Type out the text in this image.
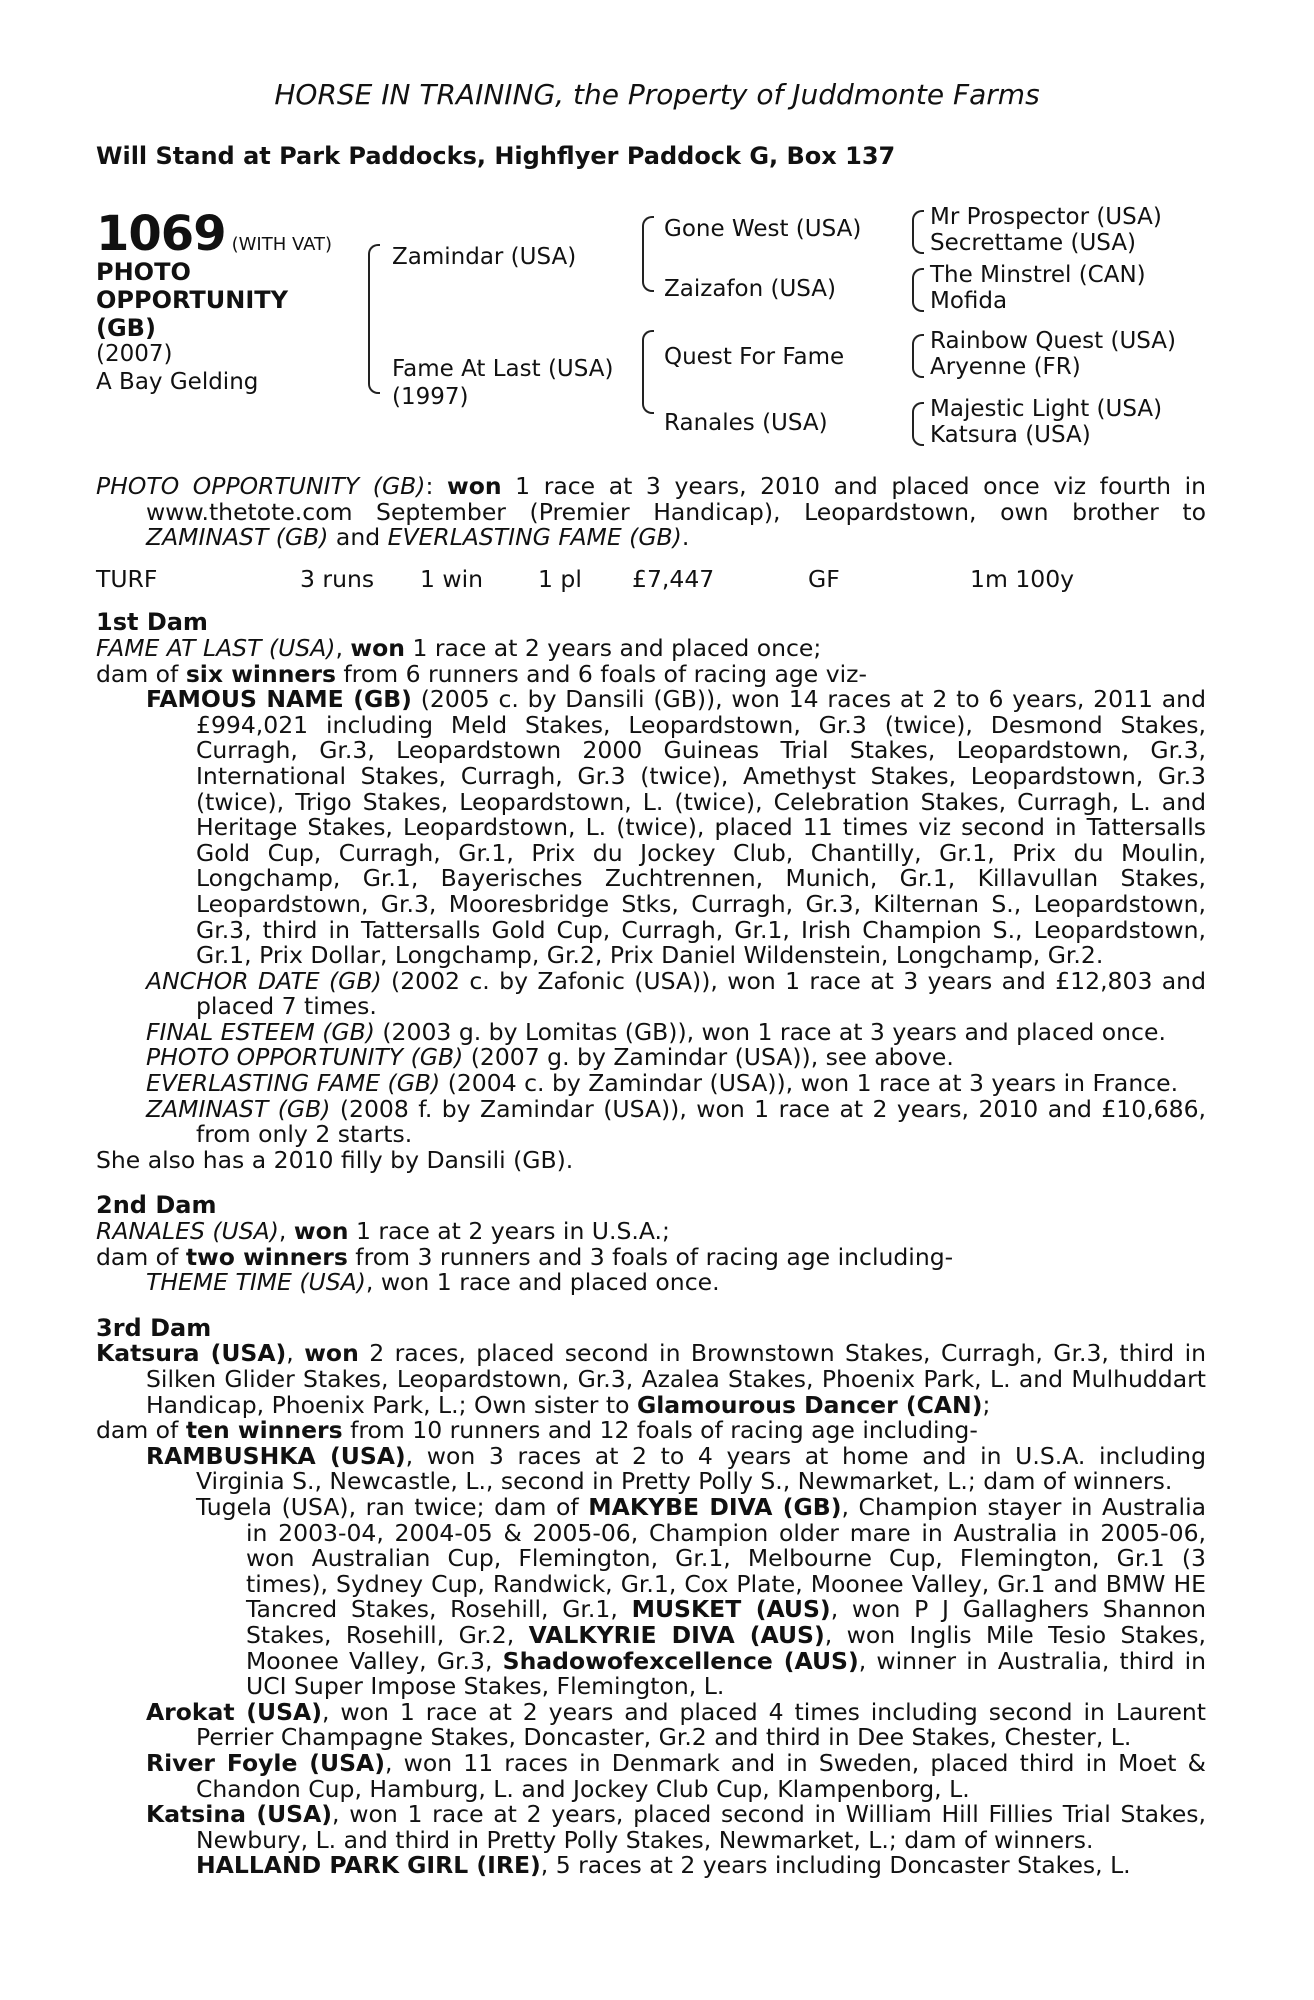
HORSE IN TRAINING, the Property of Juddmonte Farms
Will Stand at Park Paddocks, Highflyer Paddock G, Box 137
1069 (WITH VAT)
PHOTO
OPPORTUNITY
(GB)
(2007)
A Bay Gelding
Zamindar (USA)
Fame At Last (USA)
(1997)
Gone West (USA)
Zaizafon (USA)
Quest For Fame
Ranales (USA)
Mr Prospector (USA)
Secrettame (USA)
The Minstrel (CAN)
Mofida
Rainbow Quest (USA)
Aryenne (FR)
Majestic Light (USA)
Katsura (USA)

PHOTO OPPORTUNITY (GB): won 1 race at 3 years, 2010 and placed once viz fourth in www.thetote.com September (Premier Handicap), Leopardstown, own brother to ZAMINAST (GB) and EVERLASTING FAME (GB).

TURF	3 runs	1 win	1 pl	£7,447	GF	1m 100y
1st Dam

FAME AT LAST (USA), won 1 race at 2 years and placed once;

dam of six winners from 6 runners and 6 foals of racing age viz-

FAMOUS NAME (GB) (2005 c. by Dansili (GB)), won 14 races at 2 to 6 years, 2011 and £994,021 including Meld Stakes, Leopardstown, Gr.3 (twice), Desmond Stakes, Curragh, Gr.3, Leopardstown 2000 Guineas Trial Stakes, Leopardstown, Gr.3, International Stakes, Curragh, Gr.3 (twice), Amethyst Stakes, Leopardstown, Gr.3 (twice), Trigo Stakes, Leopardstown, L. (twice), Celebration Stakes, Curragh, L. and Heritage Stakes, Leopardstown, L. (twice), placed 11 times viz second in Tattersalls Gold Cup, Curragh, Gr.1, Prix du Jockey Club, Chantilly, Gr.1, Prix du Moulin, Longchamp, Gr.1, Bayerisches Zuchtrennen, Munich, Gr.1, Killavullan Stakes, Leopardstown, Gr.3, Mooresbridge Stks, Curragh, Gr.3, Kilternan S., Leopardstown, Gr.3, third in Tattersalls Gold Cup, Curragh, Gr.1, Irish Champion S., Leopardstown, Gr.1, Prix Dollar, Longchamp, Gr.2, Prix Daniel Wildenstein, Longchamp, Gr.2.

ANCHOR DATE (GB) (2002 c. by Zafonic (USA)), won 1 race at 3 years and £12,803 and placed 7 times.

FINAL ESTEEM (GB) (2003 g. by Lomitas (GB)), won 1 race at 3 years and placed once.

PHOTO OPPORTUNITY (GB) (2007 g. by Zamindar (USA)), see above.

EVERLASTING FAME (GB) (2004 c. by Zamindar (USA)), won 1 race at 3 years in France.

ZAMINAST (GB) (2008 f. by Zamindar (USA)), won 1 race at 2 years, 2010 and £10,686, from only 2 starts.

She also has a 2010 filly by Dansili (GB).

2nd Dam

RANALES (USA), won 1 race at 2 years in U.S.A.;

dam of two winners from 3 runners and 3 foals of racing age including-

THEME TIME (USA), won 1 race and placed once.

3rd Dam

Katsura (USA), won 2 races, placed second in Brownstown Stakes, Curragh, Gr.3, third in Silken Glider Stakes, Leopardstown, Gr.3, Azalea Stakes, Phoenix Park, L. and Mulhuddart Handicap, Phoenix Park, L.; Own sister to Glamourous Dancer (CAN);

dam of ten winners from 10 runners and 12 foals of racing age including-

RAMBUSHKA (USA), won 3 races at 2 to 4 years at home and in U.S.A. including Virginia S., Newcastle, L., second in Pretty Polly S., Newmarket, L.; dam of winners.

Tugela (USA), ran twice; dam of MAKYBE DIVA (GB), Champion stayer in Australia in 2003-04, 2004-05 & 2005-06, Champion older mare in Australia in 2005-06, won Australian Cup, Flemington, Gr.1, Melbourne Cup, Flemington, Gr.1 (3 times), Sydney Cup, Randwick, Gr.1, Cox Plate, Moonee Valley, Gr.1 and BMW HE Tancred Stakes, Rosehill, Gr.1, MUSKET (AUS), won P J Gallaghers Shannon Stakes, Rosehill, Gr.2, VALKYRIE DIVA (AUS), won Inglis Mile Tesio Stakes, Moonee Valley, Gr.3, Shadowofexcellence (AUS), winner in Australia, third in UCI Super Impose Stakes, Flemington, L.

Arokat (USA), won 1 race at 2 years and placed 4 times including second in Laurent Perrier Champagne Stakes, Doncaster, Gr.2 and third in Dee Stakes, Chester, L.

River Foyle (USA), won 11 races in Denmark and in Sweden, placed third in Moet & Chandon Cup, Hamburg, L. and Jockey Club Cup, Klampenborg, L.

Katsina (USA), won 1 race at 2 years, placed second in William Hill Fillies Trial Stakes, Newbury, L. and third in Pretty Polly Stakes, Newmarket, L.; dam of winners.

HALLAND PARK GIRL (IRE), 5 races at 2 years including Doncaster Stakes, L.
